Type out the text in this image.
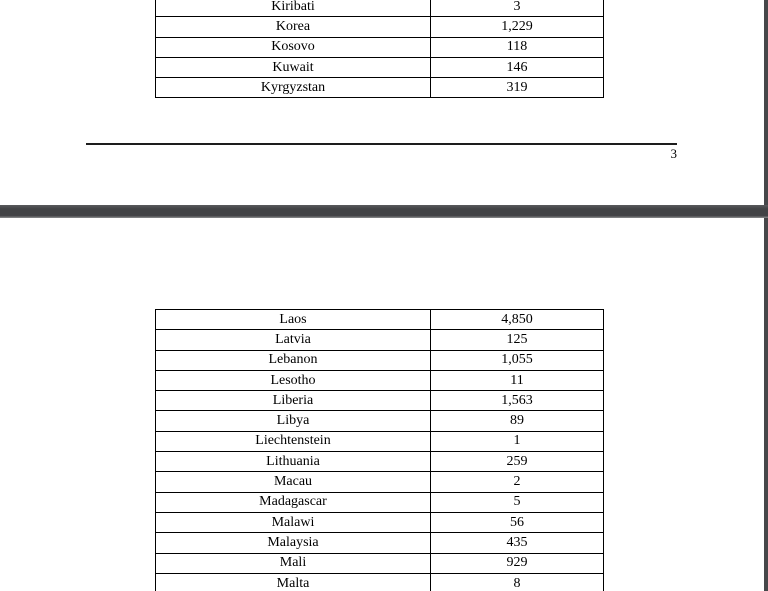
Kiribati	3
Korea	1,229
Kosovo	118
Kuwait	146
Kyrgyzstan	319
3
Laos	4,850
Latvia	125
Lebanon	1,055
Lesotho	11
Liberia	1,563
Libya	89
Liechtenstein	1
Lithuania	259
Macau	2
Madagascar	5
Malawi	56
Malaysia	435
Mali	929
Malta	8
